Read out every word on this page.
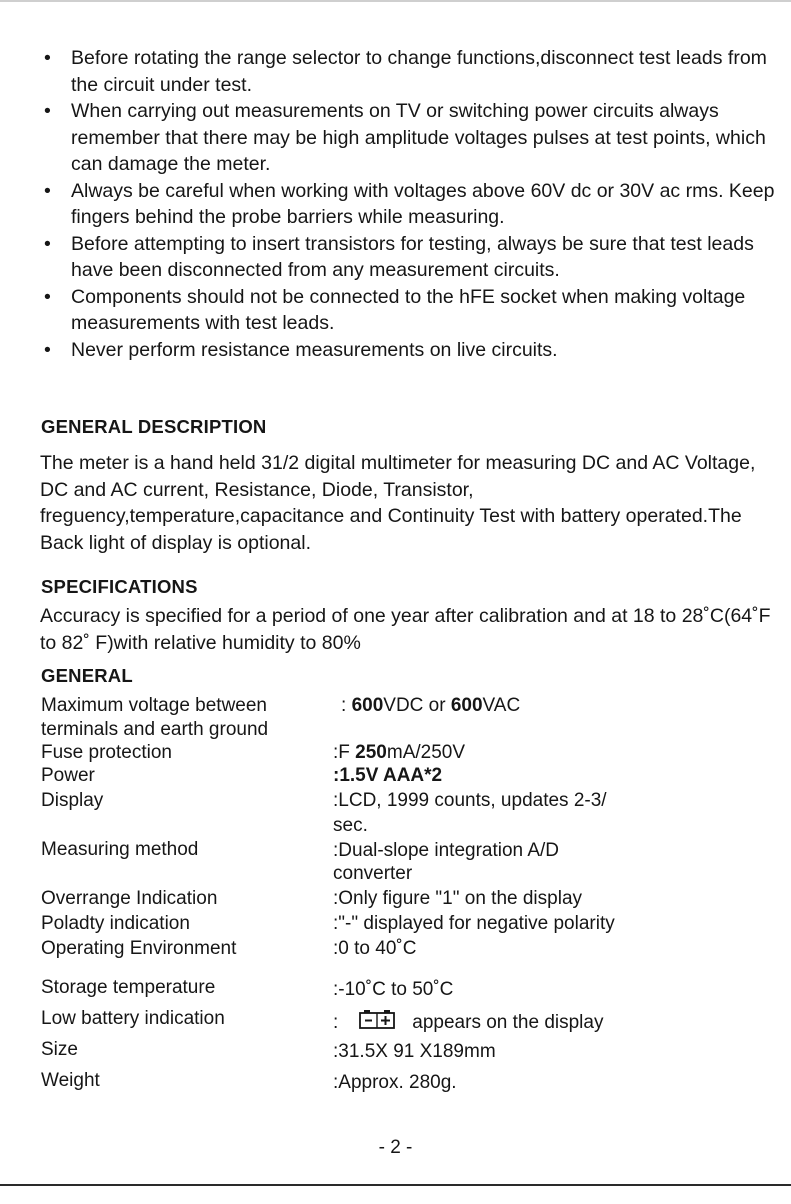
• Before rotating the range selector to change functions,disconnect test leads from the circuit under test.
• When carrying out measurements on TV or switching power circuits always remember that there may be high amplitude voltages pulses at test points, which can damage the meter.
• Always be careful when working with voltages above 60V dc or 30V ac rms. Keep fingers behind the probe barriers while measuring.
• Before attempting to insert transistors for testing, always be sure that test leads have been disconnected from any measurement circuits.
• Components should not be connected to the hFE socket when making voltage measurements with test leads.
• Never perform resistance measurements on live circuits.
GENERAL DESCRIPTION
The meter is a hand held 31/2 digital multimeter for measuring DC and AC Voltage, DC and AC current, Resistance, Diode, Transistor, freguency,temperature,capacitance and Continuity Test with battery operated.The Back light of display is optional.
SPECIFICATIONS
Accuracy is specified for a period of one year after calibration and at 18 to 28˚C(64˚F to 82˚ F)with relative humidity to 80%
GENERAL
Maximum voltage between
terminals and earth ground
: 600VDC or 600VAC
Fuse protection	:F 250mA/250V
Power	:1.5V AAA*2
Display	:LCD, 1999 counts, updates 2-3/
sec.
Measuring method	:Dual-slope integration A/D
converter
Overrange Indication	:Only figure "1" on the display
Poladty indication	:"-" displayed for negative polarity
Operating Environment	:0 to 40˚C
Storage temperature	:-10˚C to 50˚C
Low battery indication	:	appears on the display
Size	:31.5X 91 X189mm
Weight	:Approx. 280g.
- 2 -
